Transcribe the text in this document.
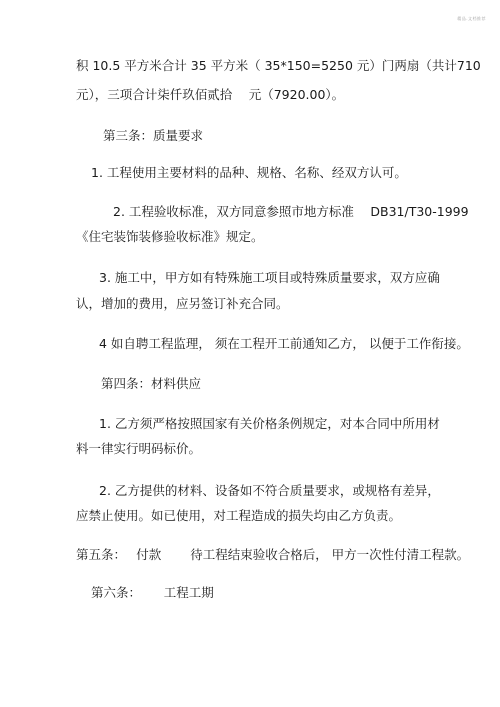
精品.文档推荐
积 10.5 平方米合计 35 平方米（ 35*150=5250 元）门两扇（共计 710
元），三项合计柒仟玖佰贰拾　 元（7920.00）。
第三条：质量要求
1. 工程使用主要材料的品种、规格、名称、经双方认可。
2. 工程验收标准，双方同意参照市地方标准　 DB31/T30-1999
《住宅装饰装修验收标准》规定。
3. 施工中，甲方如有特殊施工项目或特殊质量要求，双方应确
认，增加的费用，应另签订补充合同。
4 如自聘工程监理， 须在工程开工前通知乙方， 以便于工作衔接。
第四条：材料供应
1. 乙方须严格按照国家有关价格条例规定，对本合同中所用材
料一律实行明码标价。
2. 乙方提供的材料、设备如不符合质量要求，或规格有差异，
应禁止使用。如已使用，对工程造成的损失均由乙方负责。
第五条：　 付款　　 待工程结束验收合格后， 甲方一次性付清工程款。
第六条：　　 工程工期
